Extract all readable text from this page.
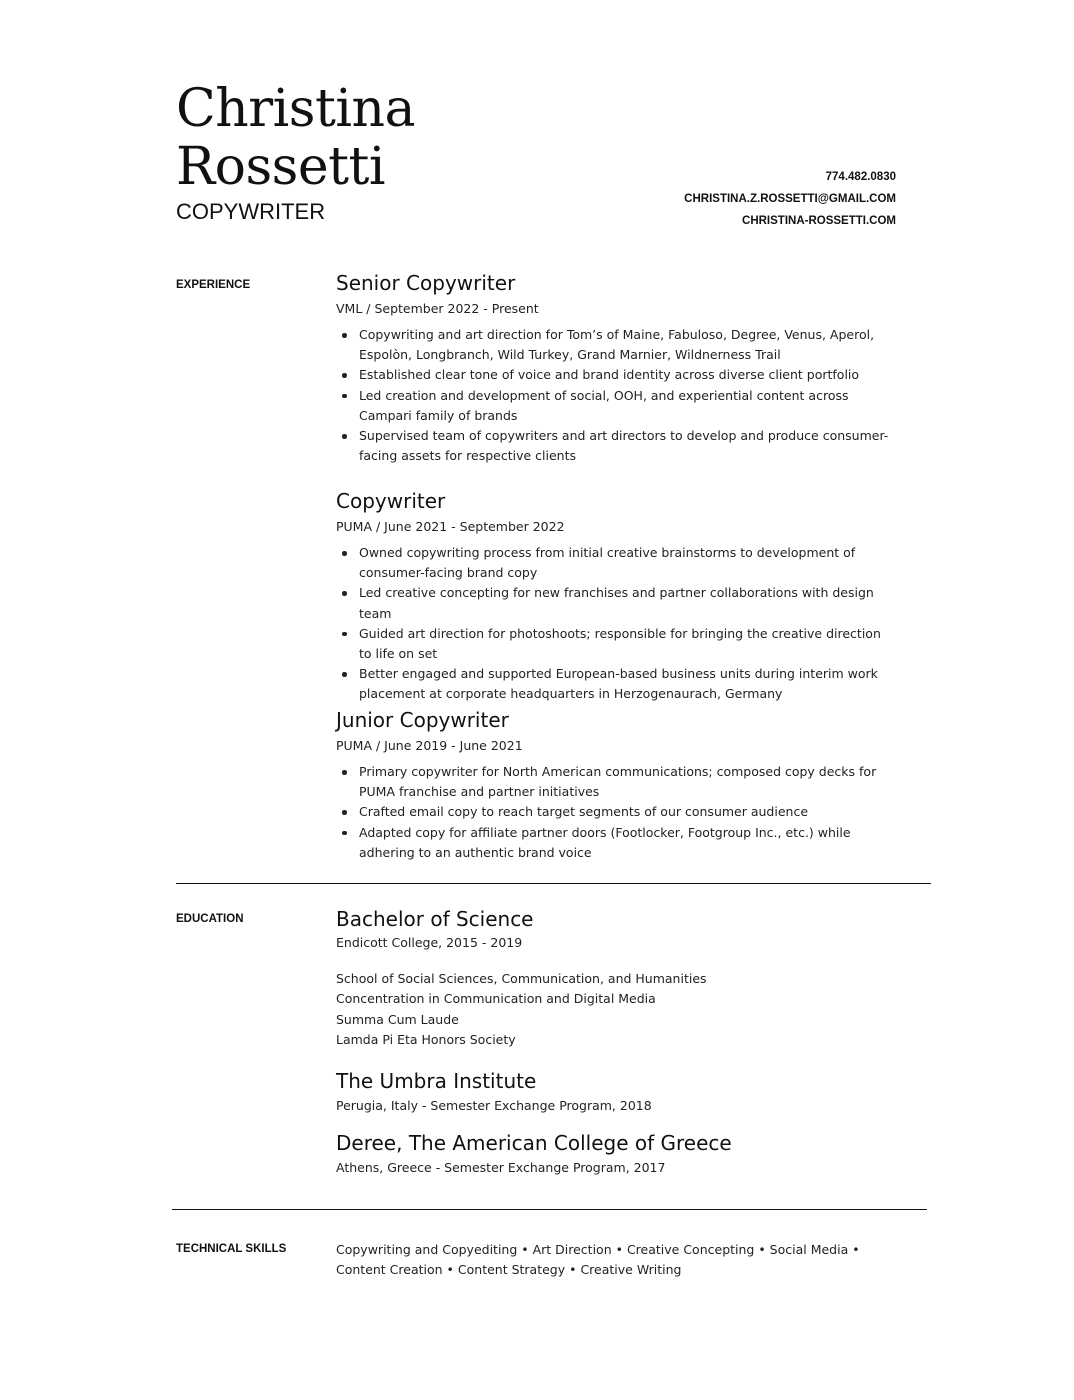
Christina
Rossetti
COPYWRITER
774.482.0830
CHRISTINA.Z.ROSSETTI@GMAIL.COM
CHRISTINA-ROSSETTI.COM
EXPERIENCE	Senior Copywriter
VML / September 2022 - Present
Copywriting and art direction for Tom’s of Maine, Fabuloso, Degree, Venus, Aperol, Espolòn, Longbranch, Wild Turkey, Grand Marnier, Wildnerness Trail
Established clear tone of voice and brand identity across diverse client portfolio
Led creation and development of social, OOH, and experiential content across Campari family of brands
Supervised team of copywriters and art directors to develop and produce consumer-facing assets for respective clients
Copywriter
PUMA / June 2021 - September 2022
Owned copywriting process from initial creative brainstorms to development of consumer-facing brand copy
Led creative concepting for new franchises and partner collaborations with design team
Guided art direction for photoshoots; responsible for bringing the creative direction to life on set
Better engaged and supported European-based business units during interim work placement at corporate headquarters in Herzogenaurach, Germany
Junior Copywriter
PUMA / June 2019 - June 2021
Primary copywriter for North American communications; composed copy decks for PUMA franchise and partner initiatives
Crafted email copy to reach target segments of our consumer audience
Adapted copy for affiliate partner doors (Footlocker, Footgroup Inc., etc.) while adhering to an authentic brand voice
EDUCATION	Bachelor of Science
Endicott College, 2015 - 2019
School of Social Sciences, Communication, and Humanities
Concentration in Communication and Digital Media
Summa Cum Laude
Lamda Pi Eta Honors Society
The Umbra Institute
Perugia, Italy - Semester Exchange Program, 2018
Deree, The American College of Greece
Athens, Greece - Semester Exchange Program, 2017
TECHNICAL SKILLS	Copywriting and Copyediting • Art Direction • Creative Concepting • Social Media • Content Creation • Content Strategy • Creative Writing
